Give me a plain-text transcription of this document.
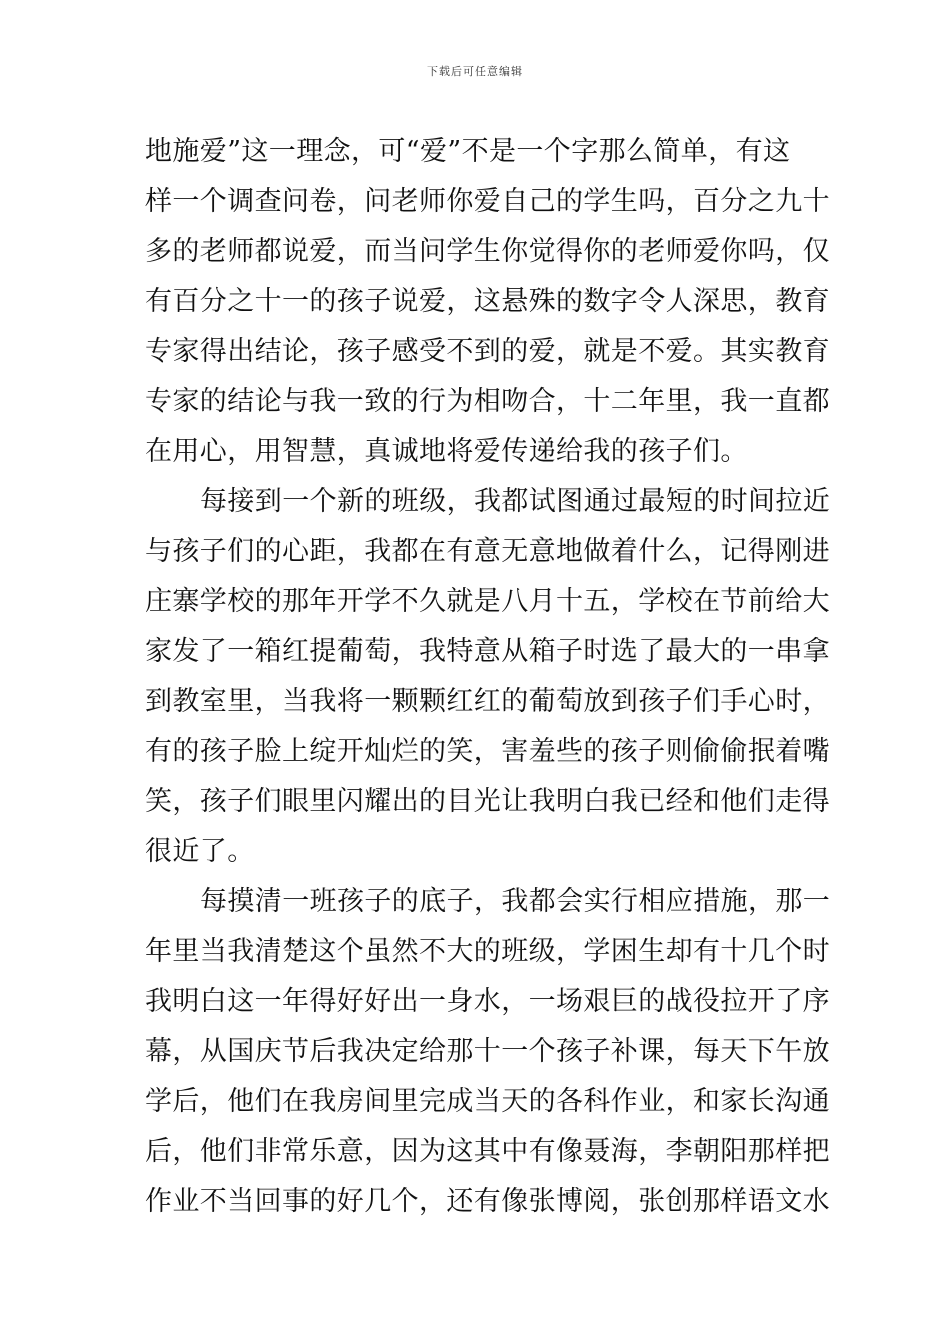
下载后可任意编辑
地施爱”这一理念，可“爱”不是一个字那么简单，有这
样一个调查问卷，问老师你爱自己的学生吗，百分之九十
多的老师都说爱，而当问学生你觉得你的老师爱你吗，仅
有百分之十一的孩子说爱，这悬殊的数字令人深思，教育
专家得出结论，孩子感受不到的爱，就是不爱。其实教育
专家的结论与我一致的行为相吻合，十二年里，我一直都
在用心，用智慧，真诚地将爱传递给我的孩子们。
每接到一个新的班级，我都试图通过最短的时间拉近
与孩子们的心距，我都在有意无意地做着什么，记得刚进
庄寨学校的那年开学不久就是八月十五，学校在节前给大
家发了一箱红提葡萄，我特意从箱子时选了最大的一串拿
到教室里，当我将一颗颗红红的葡萄放到孩子们手心时，
有的孩子脸上绽开灿烂的笑，害羞些的孩子则偷偷抿着嘴
笑，孩子们眼里闪耀出的目光让我明白我已经和他们走得
很近了。
每摸清一班孩子的底子，我都会实行相应措施，那一
年里当我清楚这个虽然不大的班级，学困生却有十几个时
我明白这一年得好好出一身水，一场艰巨的战役拉开了序
幕，从国庆节后我决定给那十一个孩子补课，每天下午放
学后，他们在我房间里完成当天的各科作业，和家长沟通
后，他们非常乐意，因为这其中有像聂海，李朝阳那样把
作业不当回事的好几个，还有像张博阅，张创那样语文水
